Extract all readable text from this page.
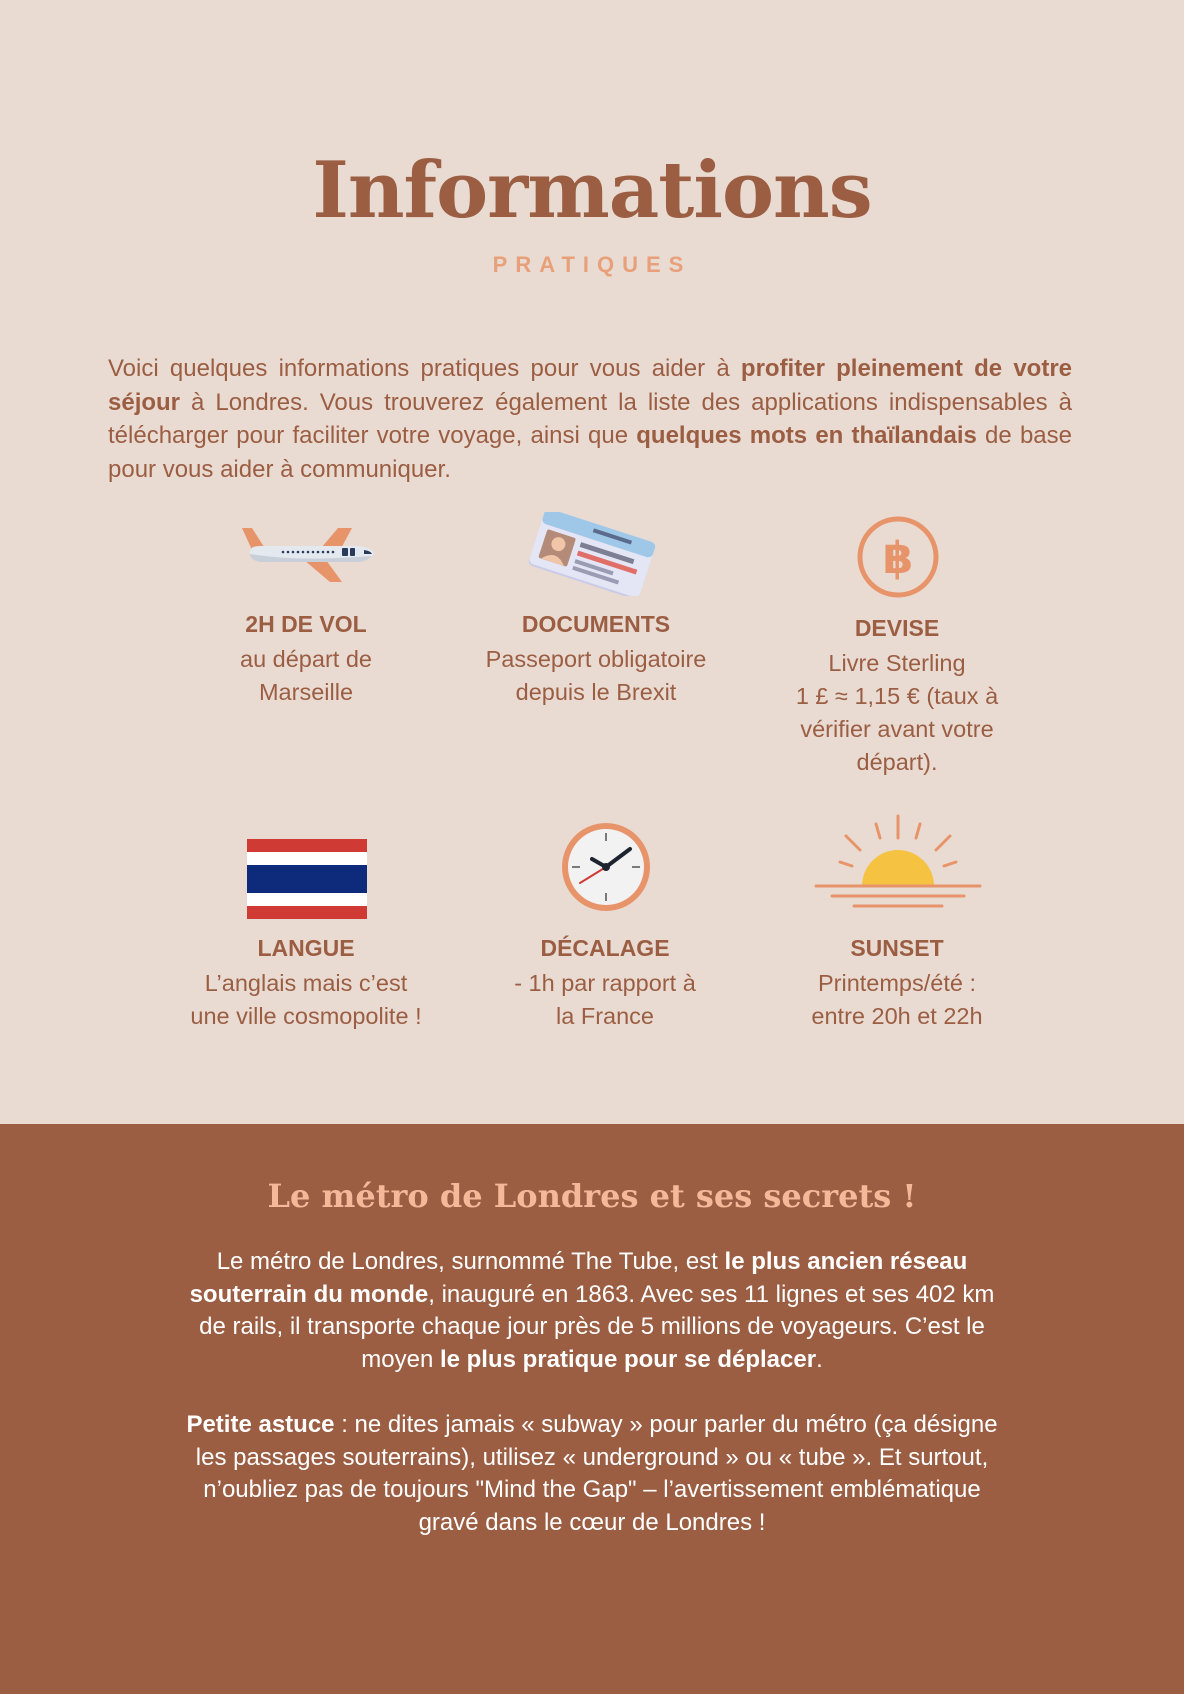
Informations
PRATIQUES
Voici quelques informations pratiques pour vous aider à profiter pleinement de votre séjour à Londres. Vous trouverez également la liste des applications indispensables à télécharger pour faciliter votre voyage, ainsi que quelques mots en thaïlandais de base pour vous aider à communiquer.
2H DE VOL
au départ de
Marseille
DOCUMENTS
Passeport obligatoire
depuis le Brexit
฿
DEVISE
Livre Sterling
1 £ ≈ 1,15 € (taux à
vérifier avant votre
départ).
LANGUE
L’anglais mais c’est
une ville cosmopolite !
DÉCALAGE
- 1h par rapport à
la France
SUNSET
Printemps/été :
entre 20h et 22h
Le métro de Londres et ses secrets !
Le métro de Londres, surnommé The Tube, est le plus ancien réseau souterrain du monde, inauguré en 1863. Avec ses 11 lignes et ses 402 km de rails, il transporte chaque jour près de 5 millions de voyageurs. C’est le moyen le plus pratique pour se déplacer.
Petite astuce : ne dites jamais « subway » pour parler du métro (ça désigne les passages souterrains), utilisez « underground » ou « tube ». Et surtout, n’oubliez pas de toujours "Mind the Gap" – l’avertissement emblématique gravé dans le cœur de Londres !
